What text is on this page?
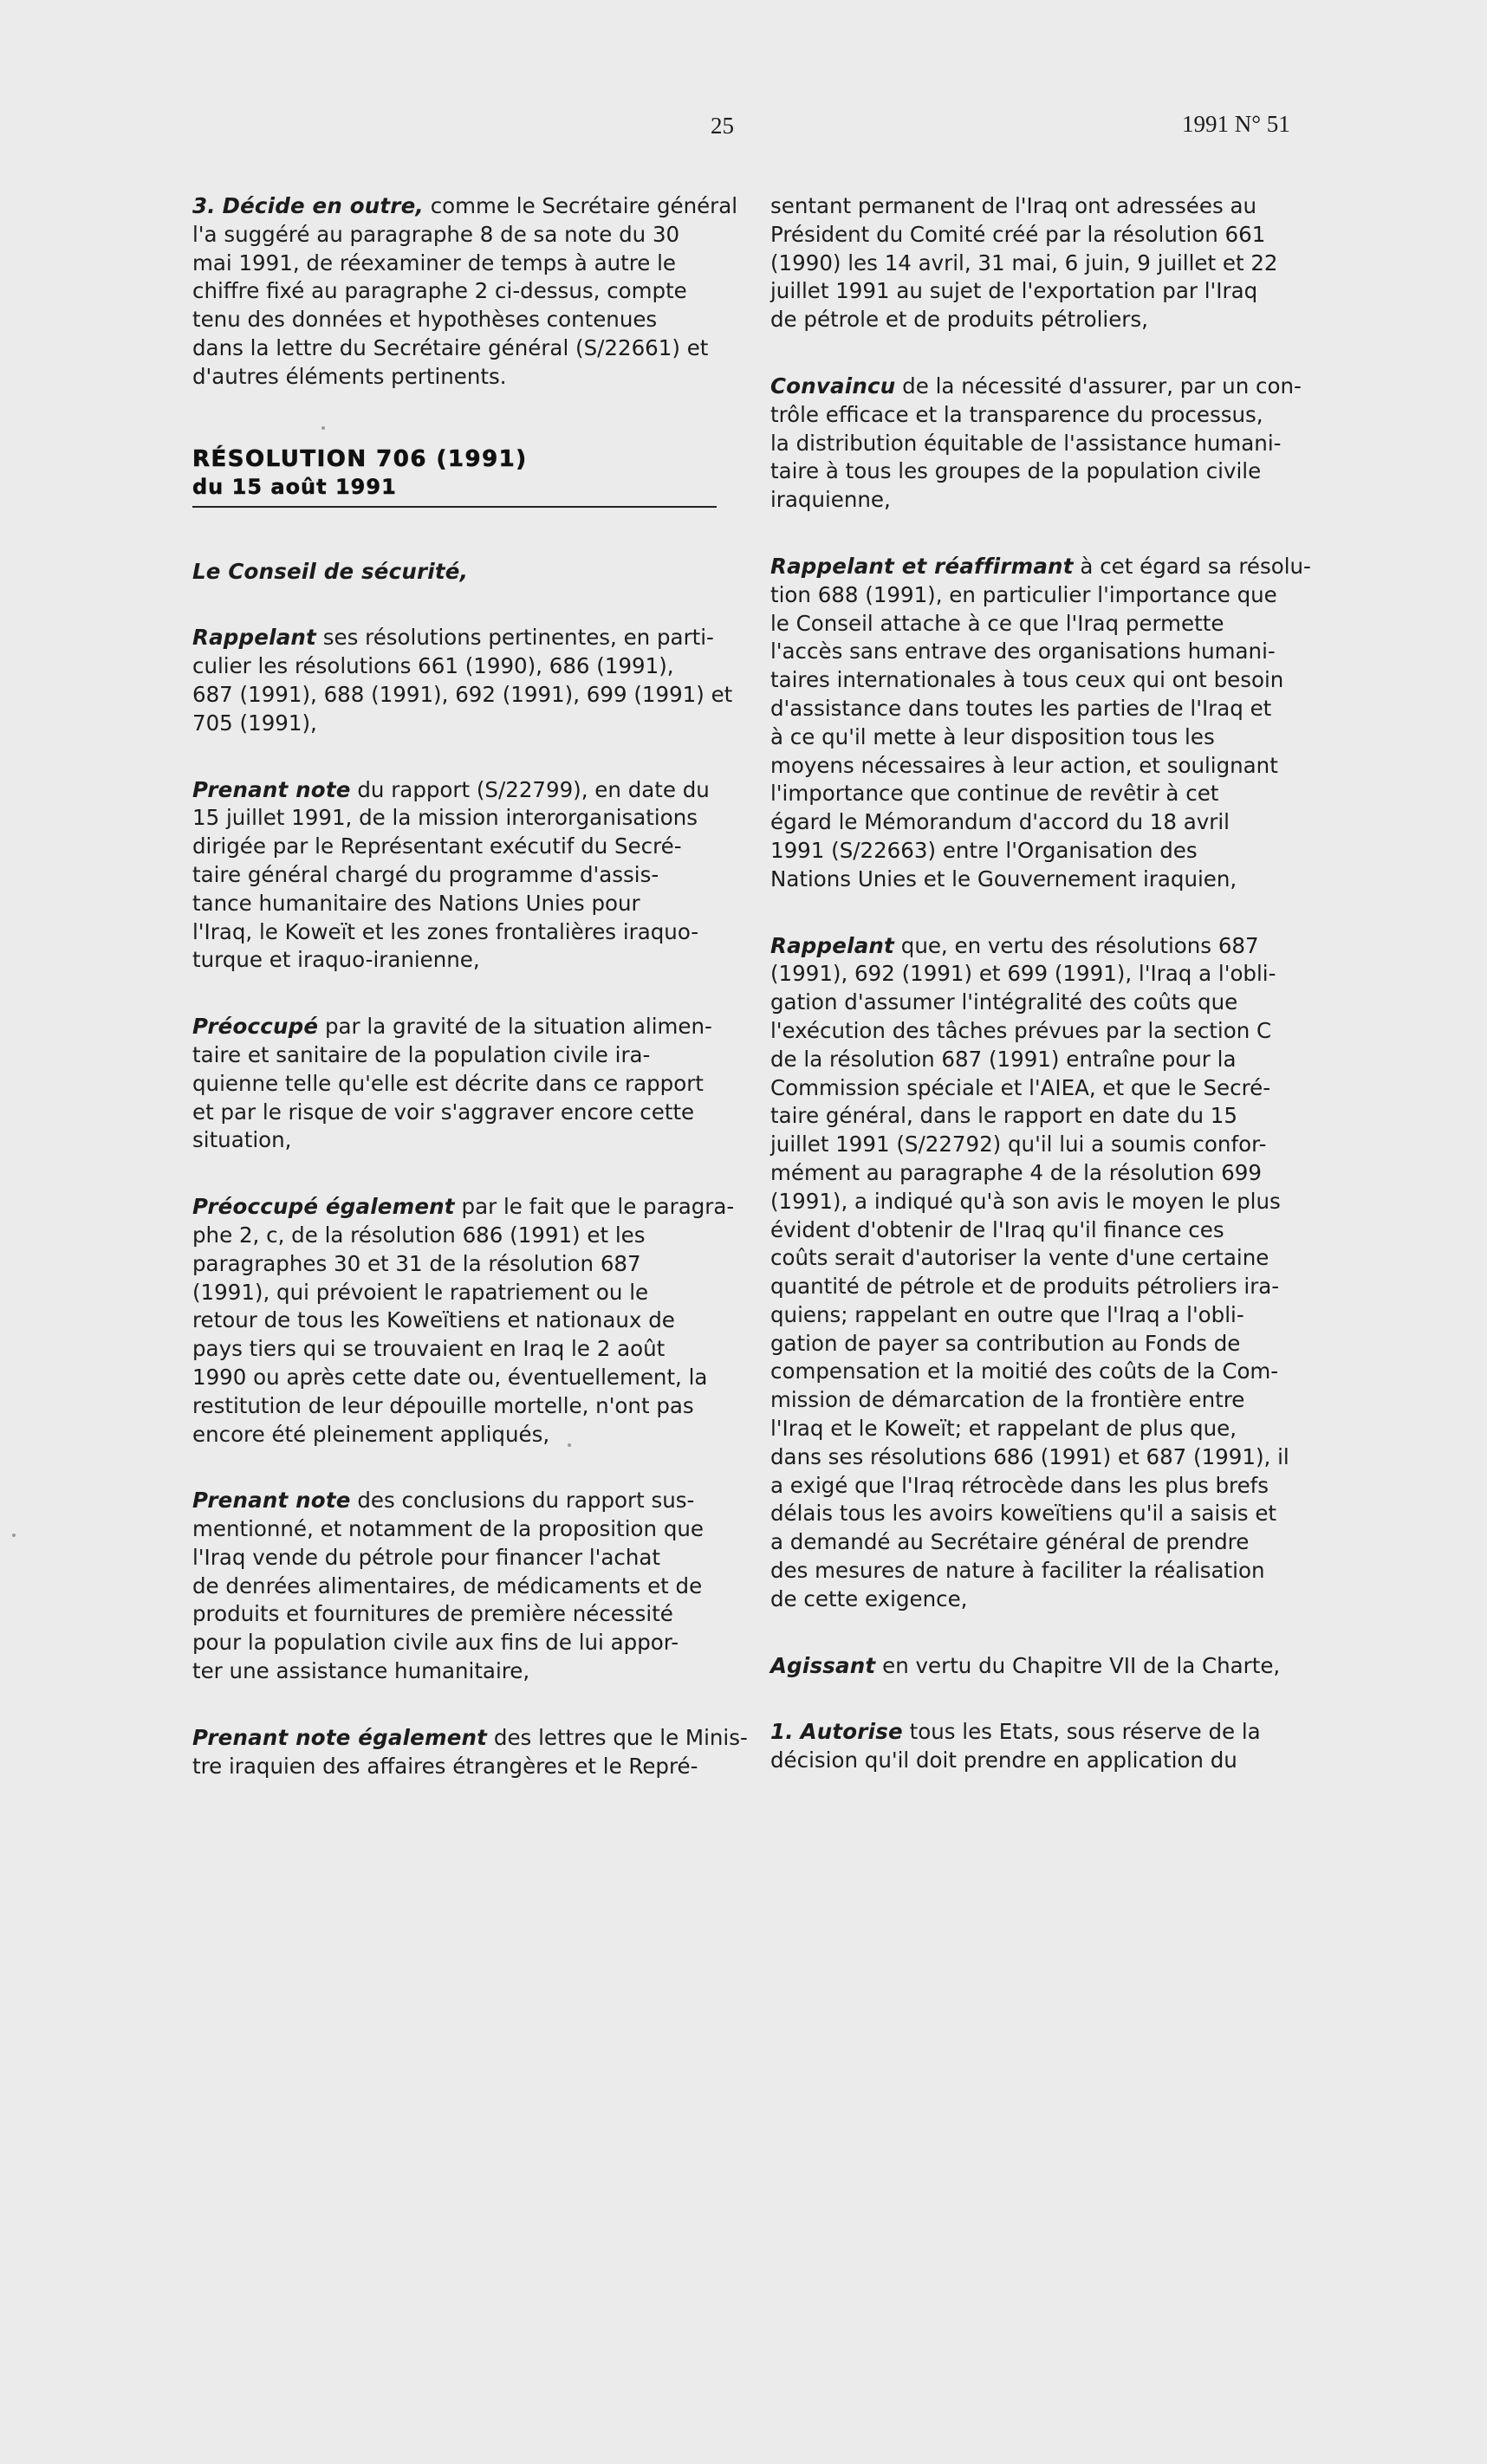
25	1991 N° 51

3. Décide en outre, comme le Secrétaire général
l'a suggéré au paragraphe 8 de sa note du 30
mai 1991, de réexaminer de temps à autre le
chiffre fixé au paragraphe 2 ci-dessus, compte
tenu des données et hypothèses contenues
dans la lettre du Secrétaire général (S/22661) et
d'autres éléments pertinents.

RÉSOLUTION 706 (1991)
du 15 août 1991

Le Conseil de sécurité,

Rappelant ses résolutions pertinentes, en parti-
culier les résolutions 661 (1990), 686 (1991),
687 (1991), 688 (1991), 692 (1991), 699 (1991) et
705 (1991),

Prenant note du rapport (S/22799), en date du
15 juillet 1991, de la mission interorganisations
dirigée par le Représentant exécutif du Secré-
taire général chargé du programme d'assis-
tance humanitaire des Nations Unies pour
l'Iraq, le Koweït et les zones frontalières iraquo-
turque et iraquo-iranienne,

Préoccupé par la gravité de la situation alimen-
taire et sanitaire de la population civile ira-
quienne telle qu'elle est décrite dans ce rapport
et par le risque de voir s'aggraver encore cette
situation,

Préoccupé également par le fait que le paragra-
phe 2, c, de la résolution 686 (1991) et les
paragraphes 30 et 31 de la résolution 687
(1991), qui prévoient le rapatriement ou le
retour de tous les Koweïtiens et nationaux de
pays tiers qui se trouvaient en Iraq le 2 août
1990 ou après cette date ou, éventuellement, la
restitution de leur dépouille mortelle, n'ont pas
encore été pleinement appliqués,

Prenant note des conclusions du rapport sus-
mentionné, et notamment de la proposition que
l'Iraq vende du pétrole pour financer l'achat
de denrées alimentaires, de médicaments et de
produits et fournitures de première nécessité
pour la population civile aux fins de lui appor-
ter une assistance humanitaire,

Prenant note également des lettres que le Minis-
tre iraquien des affaires étrangères et le Repré-

sentant permanent de l'Iraq ont adressées au
Président du Comité créé par la résolution 661
(1990) les 14 avril, 31 mai, 6 juin, 9 juillet et 22
juillet 1991 au sujet de l'exportation par l'Iraq
de pétrole et de produits pétroliers,

Convaincu de la nécessité d'assurer, par un con-
trôle efficace et la transparence du processus,
la distribution équitable de l'assistance humani-
taire à tous les groupes de la population civile
iraquienne,

Rappelant et réaffirmant à cet égard sa résolu-
tion 688 (1991), en particulier l'importance que
le Conseil attache à ce que l'Iraq permette
l'accès sans entrave des organisations humani-
taires internationales à tous ceux qui ont besoin
d'assistance dans toutes les parties de l'Iraq et
à ce qu'il mette à leur disposition tous les
moyens nécessaires à leur action, et soulignant
l'importance que continue de revêtir à cet
égard le Mémorandum d'accord du 18 avril
1991 (S/22663) entre l'Organisation des
Nations Unies et le Gouvernement iraquien,

Rappelant que, en vertu des résolutions 687
(1991), 692 (1991) et 699 (1991), l'Iraq a l'obli-
gation d'assumer l'intégralité des coûts que
l'exécution des tâches prévues par la section C
de la résolution 687 (1991) entraîne pour la
Commission spéciale et l'AIEA, et que le Secré-
taire général, dans le rapport en date du 15
juillet 1991 (S/22792) qu'il lui a soumis confor-
mément au paragraphe 4 de la résolution 699
(1991), a indiqué qu'à son avis le moyen le plus
évident d'obtenir de l'Iraq qu'il finance ces
coûts serait d'autoriser la vente d'une certaine
quantité de pétrole et de produits pétroliers ira-
quiens; rappelant en outre que l'Iraq a l'obli-
gation de payer sa contribution au Fonds de
compensation et la moitié des coûts de la Com-
mission de démarcation de la frontière entre
l'Iraq et le Koweït; et rappelant de plus que,
dans ses résolutions 686 (1991) et 687 (1991), il
a exigé que l'Iraq rétrocède dans les plus brefs
délais tous les avoirs koweïtiens qu'il a saisis et
a demandé au Secrétaire général de prendre
des mesures de nature à faciliter la réalisation
de cette exigence,

Agissant en vertu du Chapitre VII de la Charte,

1. Autorise tous les Etats, sous réserve de la
décision qu'il doit prendre en application du
